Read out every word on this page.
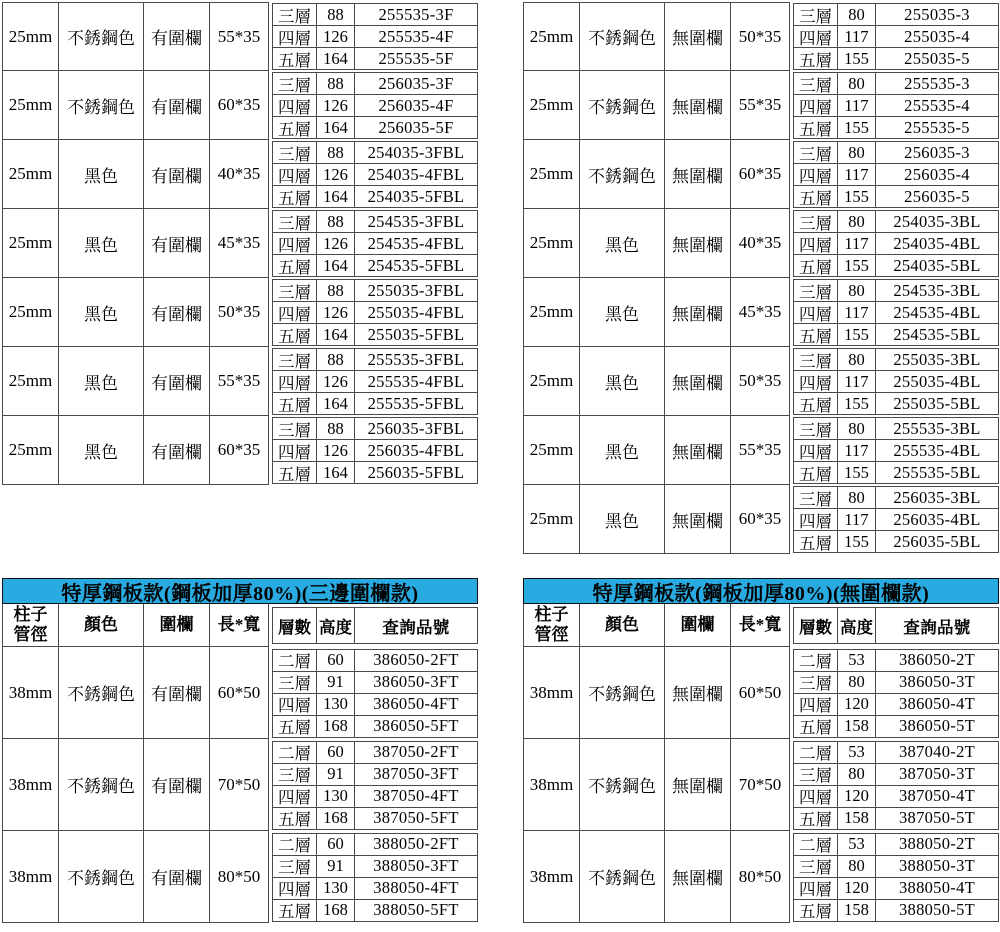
25mm 不銹鋼色 有圍欄 55*35
三層 88	255535-3F
四層 126	255535-4F
五層 164	255535-5F
25mm 不銹鋼色 有圍欄 60*35
三層 88	256035-3F
四層 126	256035-4F
五層 164	256035-5F
25mm	黑色	有圍欄 40*35
三層 88	254035-3FBL
四層 126	254035-4FBL
五層 164	254035-5FBL
25mm	黑色	有圍欄 45*35
三層 88	254535-3FBL
四層 126	254535-4FBL
五層 164	254535-5FBL
25mm	黑色	有圍欄 50*35
三層 88	255035-3FBL
四層 126	255035-4FBL
五層 164	255035-5FBL
25mm	黑色	有圍欄 55*35
三層 88	255535-3FBL
四層 126	255535-4FBL
五層 164	255535-5FBL
25mm	黑色	有圍欄 60*35
三層 88	256035-3FBL
四層 126	256035-4FBL
五層 164	256035-5FBL
25mm 不銹鋼色 無圍欄 50*35
三層 80	255035-3
四層 117	255035-4
五層 155	255035-5
25mm 不銹鋼色 無圍欄 55*35
三層 80	255535-3
四層 117	255535-4
五層 155	255535-5
25mm 不銹鋼色 無圍欄 60*35
三層 80	256035-3
四層 117	256035-4
五層 155	256035-5
25mm	黑色	無圍欄 40*35
三層 80	254035-3BL
四層 117	254035-4BL
五層 155	254035-5BL
25mm	黑色	無圍欄 45*35
三層 80	254535-3BL
四層 117	254535-4BL
五層 155	254535-5BL
25mm	黑色	無圍欄 50*35
三層 80	255035-3BL
四層 117	255035-4BL
五層 155	255035-5BL
25mm	黑色	無圍欄 55*35
三層 80	255535-3BL
四層 117	255535-4BL
五層 155	255535-5BL
25mm	黑色	無圍欄 60*35
三層 80	256035-3BL
四層 117	256035-4BL
五層 155	256035-5BL
特厚鋼板款(鋼板加厚80%)(三邊圍欄款)
柱子
管徑
顏色	圍欄	長*寬	層數 高度	查詢品號
38mm 不銹鋼色 有圍欄 60*50
二層 60	386050-2FT
三層 91	386050-3FT
四層 130	386050-4FT
五層 168	386050-5FT
38mm 不銹鋼色 有圍欄 70*50
二層 60	387050-2FT
三層 91	387050-3FT
四層 130	387050-4FT
五層 168	387050-5FT
38mm 不銹鋼色 有圍欄 80*50
二層 60	388050-2FT
三層 91	388050-3FT
四層 130	388050-4FT
五層 168	388050-5FT
特厚鋼板款(鋼板加厚80%)(無圍欄款)
柱子
管徑
顏色	圍欄	長*寬	層數 高度	查詢品號
38mm 不銹鋼色 無圍欄 60*50
二層 53	386050-2T
三層 80	386050-3T
四層 120	386050-4T
五層 158	386050-5T
38mm 不銹鋼色 無圍欄 70*50
二層 53	387040-2T
三層 80	387050-3T
四層 120	387050-4T
五層 158	387050-5T
38mm 不銹鋼色 無圍欄 80*50
二層 53	388050-2T
三層 80	388050-3T
四層 120	388050-4T
五層 158	388050-5T
